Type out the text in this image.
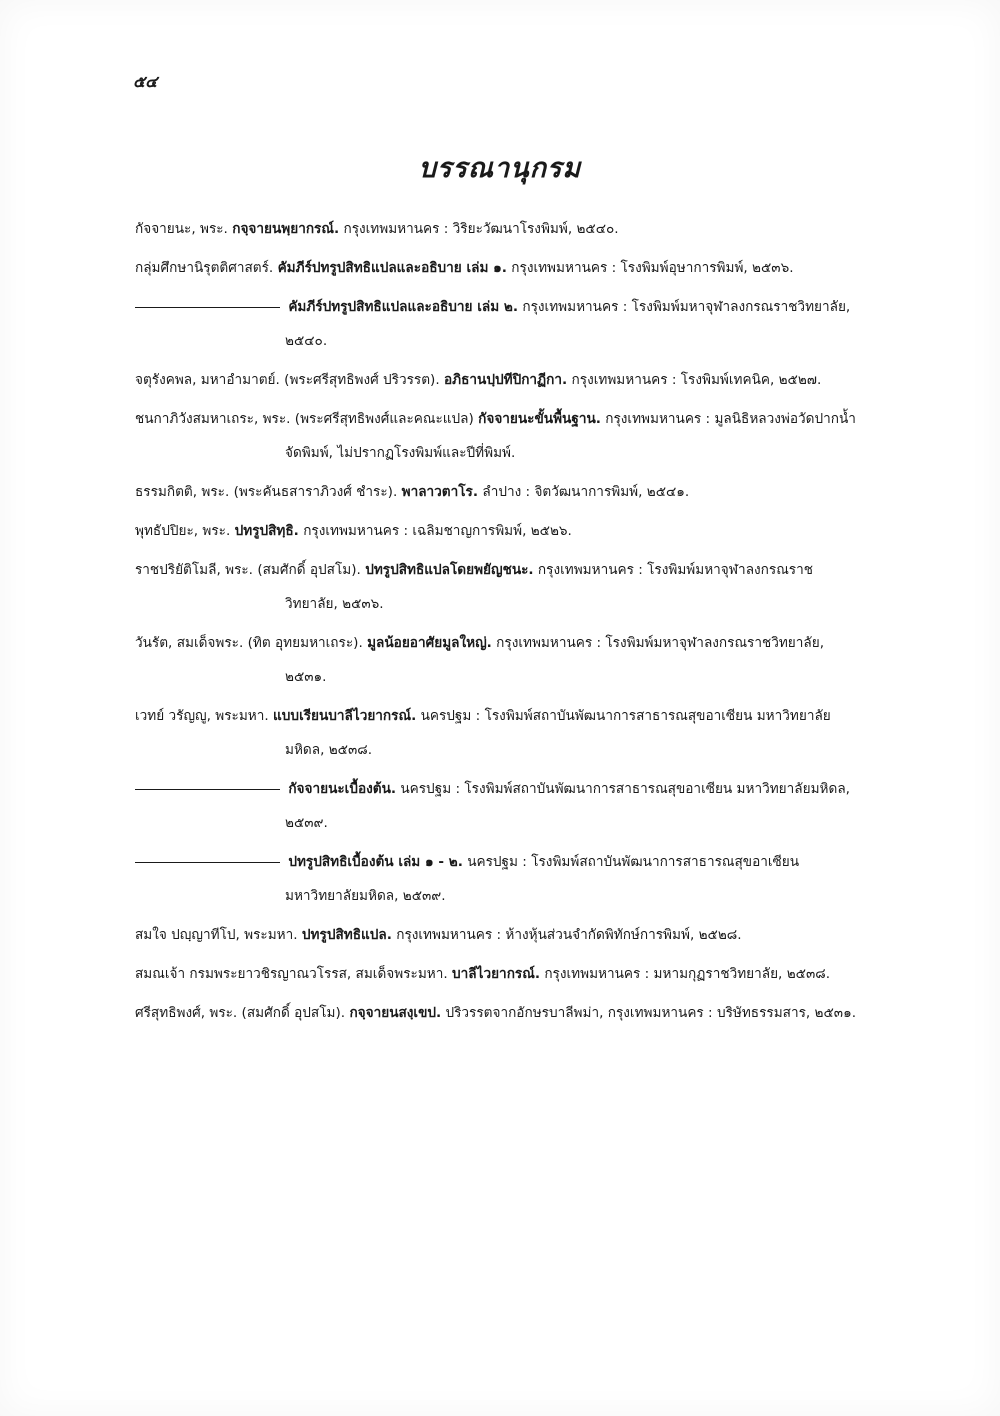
๕๔
บรรณานุกรม
กัจจายนะ, พระ. กจฺจายนพฺยากรณ์. กรุงเทพมหานคร : วิริยะวัฒนาโรงพิมพ์, ๒๕๔๐.
กลุ่มศึกษานิรุตติศาสตร์. คัมภีร์ปทรูปสิทธิแปลและอธิบาย เล่ม ๑. กรุงเทพมหานคร : โรงพิมพ์อุษาการพิมพ์, ๒๕๓๖.
คัมภีร์ปทรูปสิทธิแปลและอธิบาย เล่ม ๒. กรุงเทพมหานคร : โรงพิมพ์มหาจุฬาลงกรณราชวิทยาลัย, ๒๕๔๐.
จตุรังคพล, มหาอำมาตย์. (พระศรีสุทธิพงศ์ ปริวรรต). อภิธานปฺปทีปิกาฏีกา. กรุงเทพมหานคร : โรงพิมพ์เทคนิค, ๒๕๒๗.
ชนกาภิวังสมหาเถระ, พระ. (พระศรีสุทธิพงศ์และคณะแปล) กัจจายนะขั้นพื้นฐาน. กรุงเทพมหานคร : มูลนิธิหลวงพ่อวัดปากน้ำจัดพิมพ์, ไม่ปรากฏโรงพิมพ์และปีที่พิมพ์.
ธรรมกิตติ, พระ. (พระคันธสาราภิวงศ์ ชำระ). พาลาวตาโร. ลำปาง : จิตวัฒนาการพิมพ์, ๒๕๔๑.
พุทธัปปิยะ, พระ. ปทรูปสิทฺธิ. กรุงเทพมหานคร : เฉลิมชาญการพิมพ์, ๒๕๒๖.
ราชปริยัติโมลี, พระ. (สมศักดิ์ อุปสโม). ปทรูปสิทธิแปลโดยพยัญชนะ. กรุงเทพมหานคร : โรงพิมพ์มหาจุฬาลงกรณราชวิทยาลัย, ๒๕๓๖.
วันรัต, สมเด็จพระ. (ทิต อุทยมหาเถระ). มูลน้อยอาศัยมูลใหญ่. กรุงเทพมหานคร : โรงพิมพ์มหาจุฬาลงกรณราชวิทยาลัย, ๒๕๓๑.
เวทย์ วรัญญู, พระมหา. แบบเรียนบาลีไวยากรณ์. นครปฐม : โรงพิมพ์สถาบันพัฒนาการสาธารณสุขอาเซียน มหาวิทยาลัยมหิดล, ๒๕๓๘.
กัจจายนะเบื้องต้น. นครปฐม : โรงพิมพ์สถาบันพัฒนาการสาธารณสุขอาเซียน มหาวิทยาลัยมหิดล, ๒๕๓๙.
ปทรูปสิทธิเบื้องต้น เล่ม ๑ - ๒. นครปฐม : โรงพิมพ์สถาบันพัฒนาการสาธารณสุขอาเซียน มหาวิทยาลัยมหิดล, ๒๕๓๙.
สมใจ ปญฺญาทีโป, พระมหา. ปทรูปสิทธิแปล. กรุงเทพมหานคร : ห้างหุ้นส่วนจำกัดพิทักษ์การพิมพ์, ๒๕๒๘.
สมณเจ้า กรมพระยาวชิรญาณวโรรส, สมเด็จพระมหา. บาลีไวยากรณ์. กรุงเทพมหานคร : มหามกุฏราชวิทยาลัย, ๒๕๓๘.
ศรีสุทธิพงศ์, พระ. (สมศักดิ์ อุปสโม). กจฺจายนสงฺเขป. ปริวรรตจากอักษรบาลีพม่า, กรุงเทพมหานคร : บริษัทธรรมสาร, ๒๕๓๑.
